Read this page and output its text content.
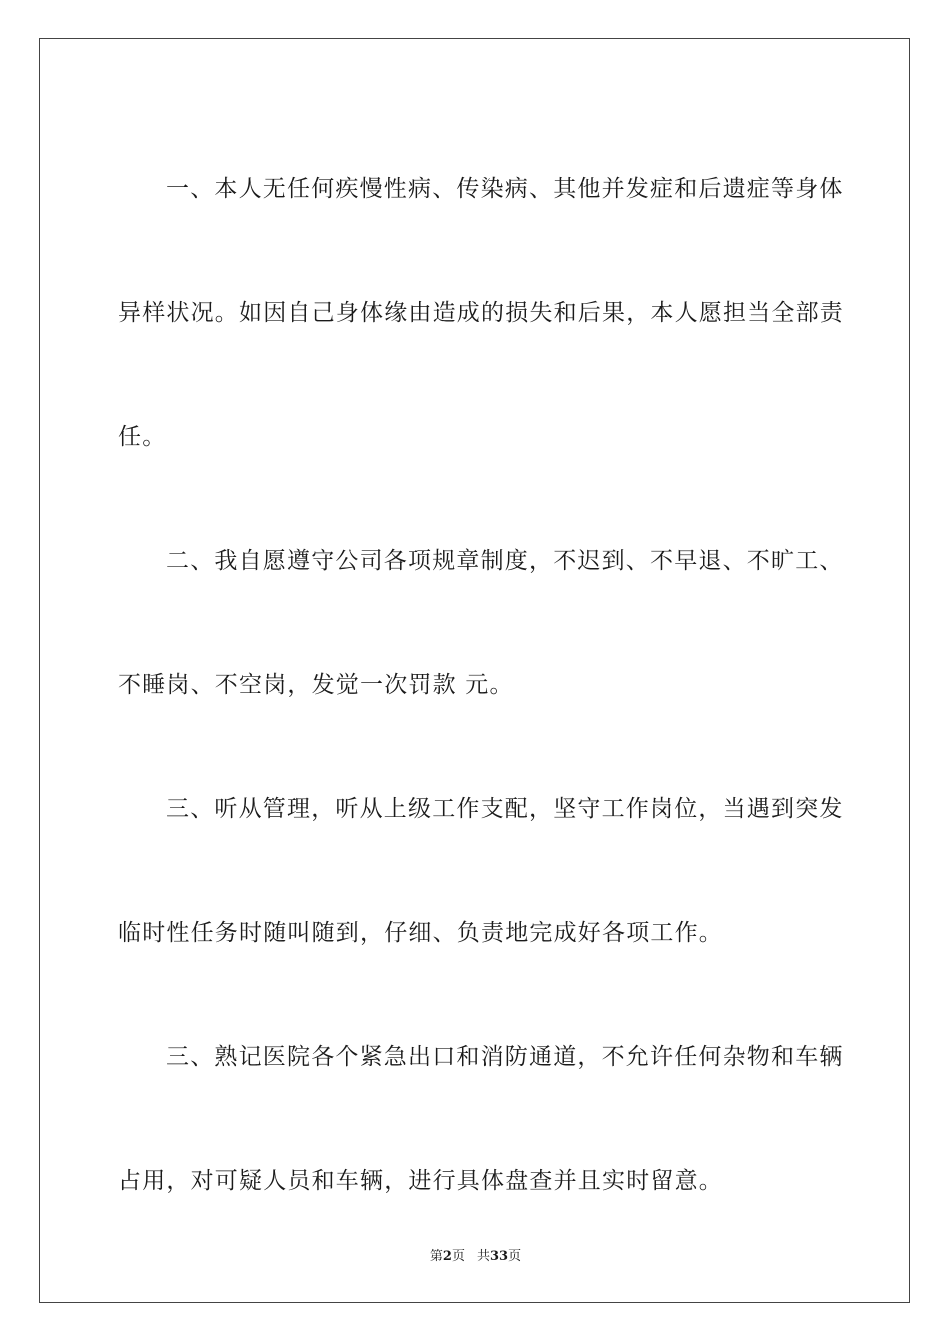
一、本人无任何疾慢性病、传染病、其他并发症和后遗症等身体
异样状况。如因自己身体缘由造成的损失和后果，本人愿担当全部责
任。
二、我自愿遵守公司各项规章制度，不迟到、不早退、不旷工、
不睡岗、不空岗，发觉一次罚款 元。
三、听从管理，听从上级工作支配，坚守工作岗位，当遇到突发
临时性任务时随叫随到，仔细、负责地完成好各项工作。
三、熟记医院各个紧急出口和消防通道，不允许任何杂物和车辆
占用，对可疑人员和车辆，进行具体盘查并且实时留意。
第2页 共33页
